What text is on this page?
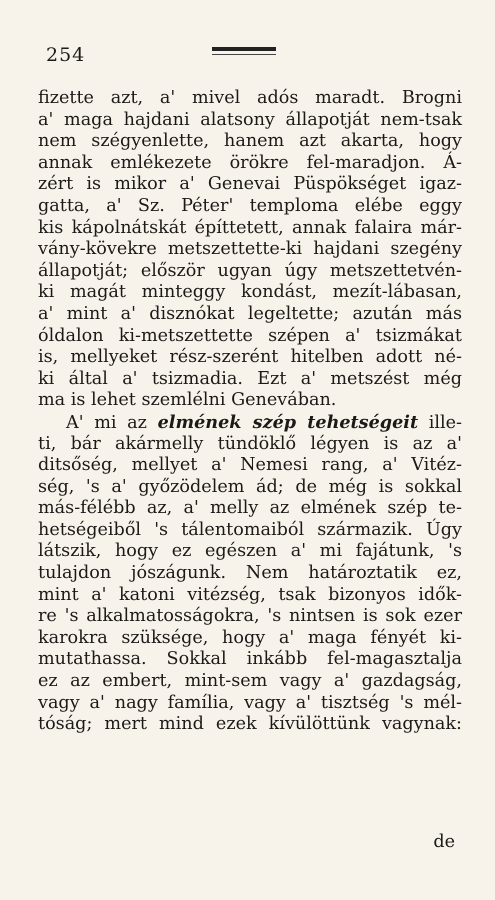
254
fizette azt, a' mivel adós maradt. Brogni
a' maga hajdani alatsony állapotját nem-tsak
nem szégyenlette, hanem azt akarta, hogy
annak emlékezete örökre fel-maradjon. Á-
zért is mikor a' Genevai Püspökséget igaz-
gatta, a' Sz. Péter' temploma elébe eggy
kis kápolnátskát építtetett, annak falaira már-
vány-kövekre metszettette-ki hajdani szegény
állapotját; először ugyan úgy metszettetvén-
ki magát minteggy kondást, mezít-lábasan,
a' mint a' disznókat legeltette; azután más
óldalon ki-metszettette szépen a' tsizmákat
is, mellyeket rész-szerént hitelben adott né-
ki által a' tsizmadia. Ezt a' metszést még
ma is lehet szemlélni Genevában.
A' mi az elmének szép tehetségeit ille-
ti, bár akármelly tündöklő légyen is az a'
ditsőség, mellyet a' Nemesi rang, a' Vitéz-
ség, 's a' győzödelem ád; de még is sokkal
más-félébb az, a' melly az elmének szép te-
hetségeiből 's tálentomaiból származik. Úgy
látszik, hogy ez egészen a' mi fajátunk, 's
tulajdon jószágunk. Nem határoztatik ez,
mint a' katoni vitézség, tsak bizonyos idők-
re 's alkalmatosságokra, 's nintsen is sok ezer
karokra szüksége, hogy a' maga fényét ki-
mutathassa. Sokkal inkább fel-magasztalja
ez az embert, mint-sem vagy a' gazdagság,
vagy a' nagy família, vagy a' tisztség 's mél-
tóság; mert mind ezek kívülöttünk vagynak:
de
